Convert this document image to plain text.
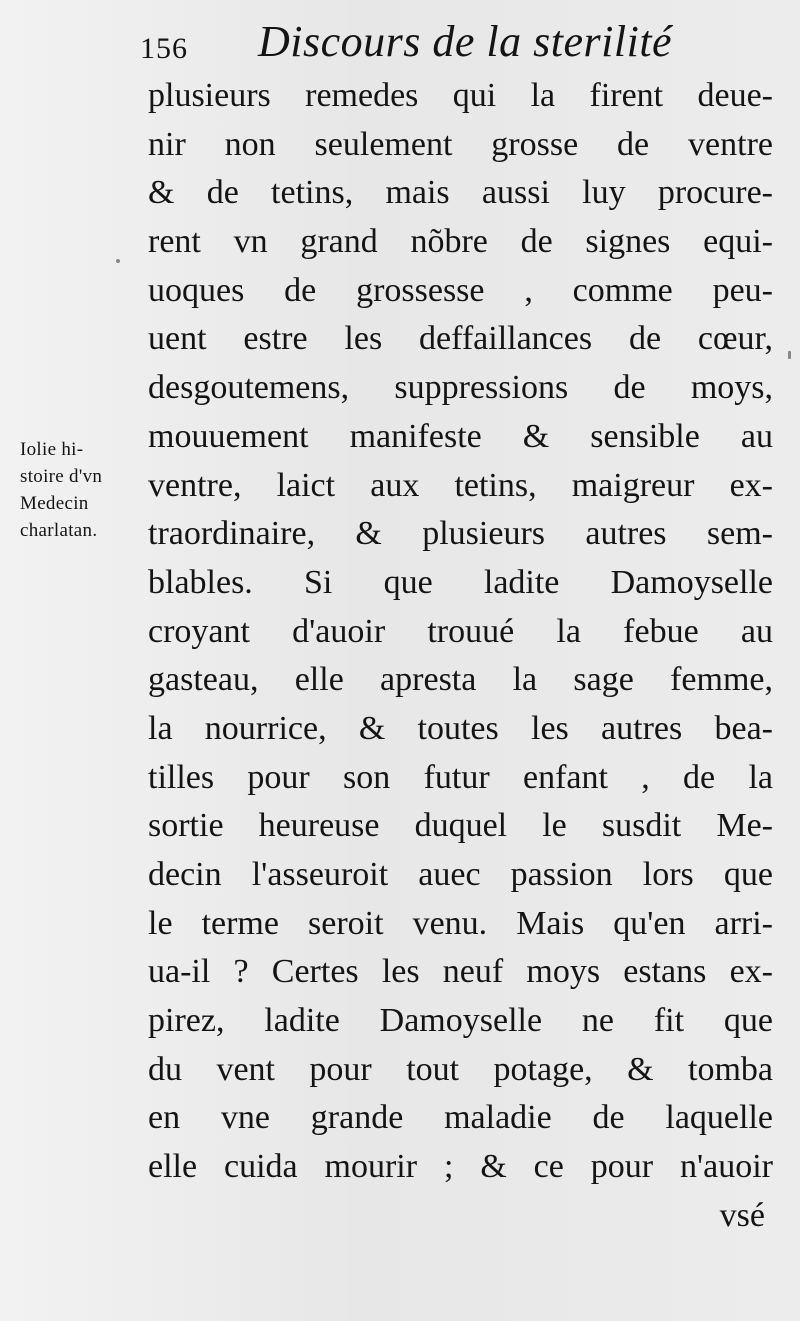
156 Discours de la sterilité
Iolie hi-
stoire d'vn
Medecin
charlatan.
plusieurs remedes qui la firent deue-
nir non seulement grosse de ventre
& de tetins, mais aussi luy procure-
rent vn grand nõbre de signes equi-
uoques de grossesse , comme peu-
uent estre les deffaillances de cœur,
desgoutemens, suppressions de moys,
mouuement manifeste & sensible au
ventre, laict aux tetins, maigreur ex-
traordinaire, & plusieurs autres sem-
blables. Si que ladite Damoyselle
croyant d'auoir trouué la febue au
gasteau, elle apresta la sage femme,
la nourrice, & toutes les autres bea-
tilles pour son futur enfant , de la
sortie heureuse duquel le susdit Me-
decin l'asseuroit auec passion lors que
le terme seroit venu. Mais qu'en arri-
ua-il ? Certes les neuf moys estans ex-
pirez, ladite Damoyselle ne fit que
du vent pour tout potage, & tomba
en vne grande maladie de laquelle
elle cuida mourir ; & ce pour n'auoir
vsé
